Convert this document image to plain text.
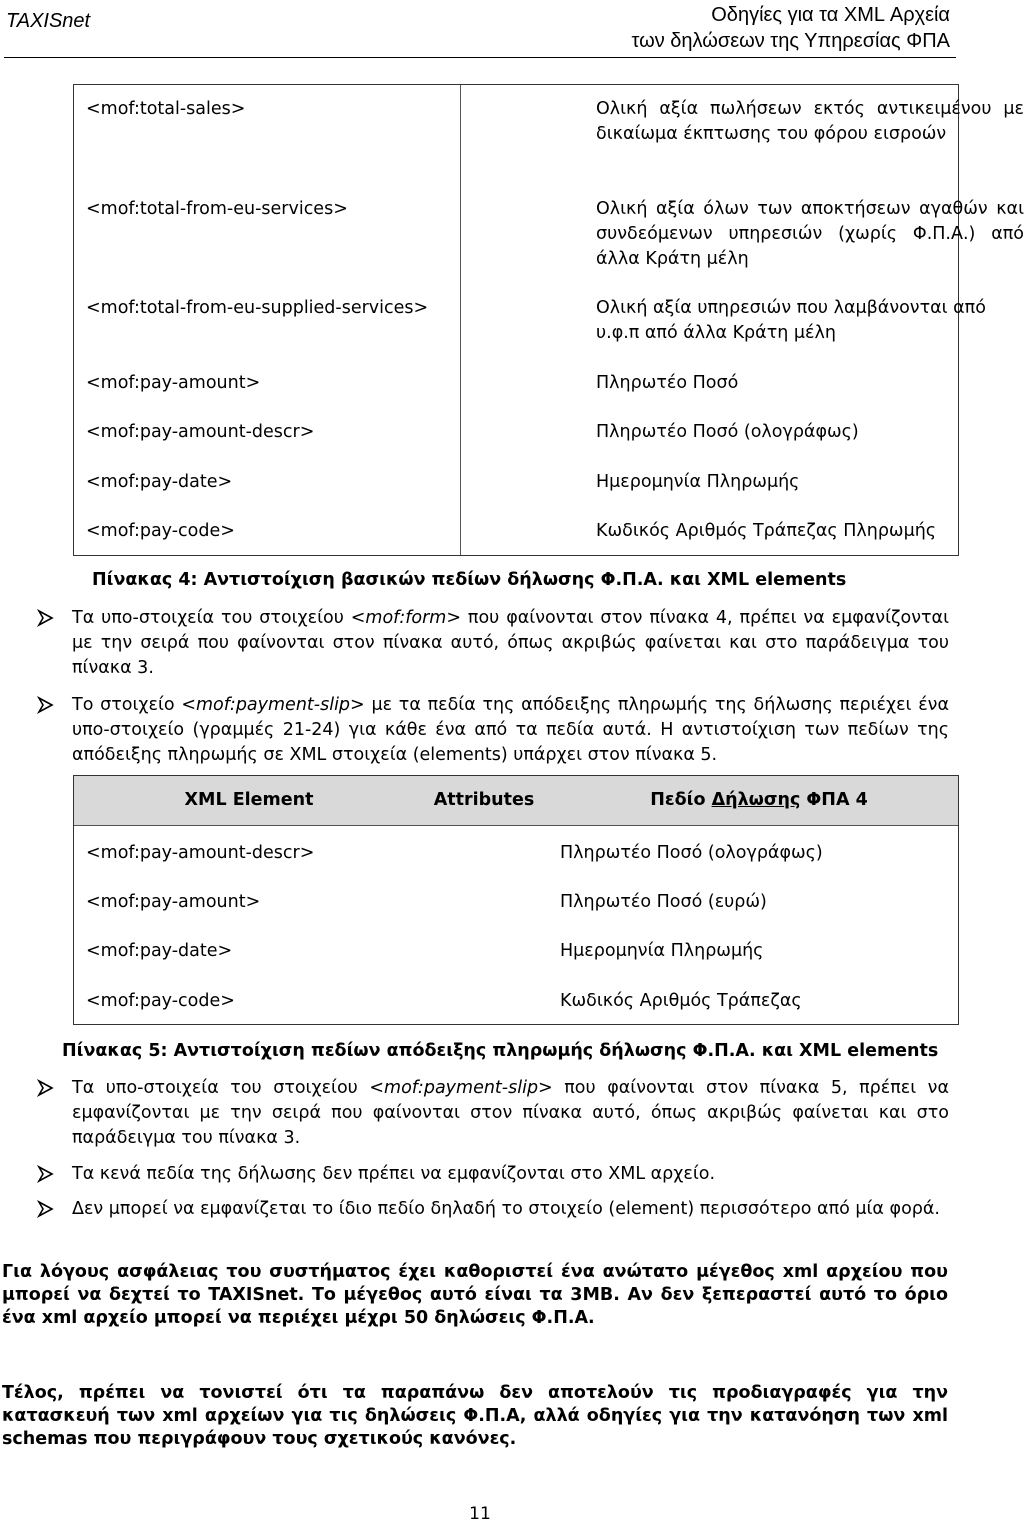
TAXISnet	Οδηγίες για τα XML Αρχεία
των δηλώσεων της Υπηρεσίας ΦΠΑ
<mof:total-sales>	Ολική αξία πωλήσεων εκτός αντικειμένου με δικαίωμα έκπτωσης του φόρου εισροών
<mof:total-from-eu-services>	Ολική αξία όλων των αποκτήσεων αγαθών και συνδεόμενων υπηρεσιών (χωρίς Φ.Π.Α.) από άλλα Κράτη μέλη
<mof:total-from-eu-supplied-services>	Ολική αξία υπηρεσιών που λαμβάνονται από υ.φ.π από άλλα Κράτη μέλη
<mof:pay-amount>	Πληρωτέο Ποσό
<mof:pay-amount-descr>	Πληρωτέο Ποσό (ολογράφως)
<mof:pay-date>	Ημερομηνία Πληρωμής
<mof:pay-code>	Κωδικός Αριθμός Τράπεζας Πληρωμής
Πίνακας 4: Αντιστοίχιση βασικών πεδίων δήλωσης Φ.Π.Α. και XML elements
Τα υπο-στοιχεία του στοιχείου <mof:form> που φαίνονται στον πίνακα 4, πρέπει να εμφανίζονται με την σειρά που φαίνονται στον πίνακα αυτό, όπως ακριβώς φαίνεται και στο παράδειγμα του πίνακα 3.
Το στοιχείο <mof:payment-slip> με τα πεδία της απόδειξης πληρωμής της δήλωσης περιέχει ένα υπο-στοιχείο (γραμμές 21-24) για κάθε ένα από τα πεδία αυτά. Η αντιστοίχιση των πεδίων της απόδειξης πληρωμής σε XML στοιχεία (elements) υπάρχει στον πίνακα 5.
XML Element	Attributes	Πεδίο Δήλωσης ΦΠΑ 4
<mof:pay-amount-descr>	Πληρωτέο Ποσό (ολογράφως)
<mof:pay-amount>	Πληρωτέο Ποσό (ευρώ)
<mof:pay-date>	Ημερομηνία Πληρωμής
<mof:pay-code>	Κωδικός Αριθμός Τράπεζας
Πίνακας 5: Αντιστοίχιση πεδίων απόδειξης πληρωμής δήλωσης Φ.Π.Α. και XML elements
Τα υπο-στοιχεία του στοιχείου <mof:payment-slip> που φαίνονται στον πίνακα 5, πρέπει να εμφανίζονται με την σειρά που φαίνονται στον πίνακα αυτό, όπως ακριβώς φαίνεται και στο παράδειγμα του πίνακα 3.
Τα κενά πεδία της δήλωσης δεν πρέπει να εμφανίζονται στο XML αρχείο.
Δεν μπορεί να εμφανίζεται το ίδιο πεδίο δηλαδή το στοιχείο (element) περισσότερο από μία φορά.
Για λόγους ασφάλειας του συστήματος έχει καθοριστεί ένα ανώτατο μέγεθος xml αρχείου που μπορεί να δεχτεί το TAXISnet. Το μέγεθος αυτό είναι τα 3MB. Αν δεν ξεπεραστεί αυτό το όριο ένα xml αρχείο μπορεί να περιέχει μέχρι 50 δηλώσεις Φ.Π.Α.
Τέλος, πρέπει να τονιστεί ότι τα παραπάνω δεν αποτελούν τις προδιαγραφές για την κατασκευή των xml αρχείων για τις δηλώσεις Φ.Π.Α, αλλά οδηγίες για την κατανόηση των xml schemas που περιγράφουν τους σχετικούς κανόνες.
11
